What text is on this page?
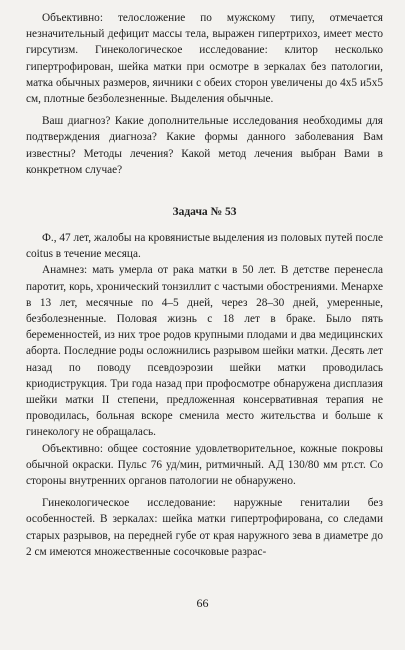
Объективно: телосложение по мужскому типу, отмечается незначительный дефицит массы тела, выражен гипертрихоз, имеет место гирсутизм. Гинекологическое исследование: клитор несколько гипертрофирован, шейка матки при осмотре в зеркалах без патологии, матка обычных размеров, яичники с обеих сторон увеличены до 4х5 и5х5 см, плотные безболезненные. Выделения обычные.

Ваш диагноз? Какие дополнительные исследования необходимы для подтверждения диагноза? Какие формы данного заболевания Вам известны? Методы лечения? Какой метод лечения выбран Вами в конкретном случае?

Задача № 53

Ф., 47 лет, жалобы на кровянистые выделения из половых путей после coitus в течение месяца.

Анамнез: мать умерла от рака матки в 50 лет. В детстве перенесла паротит, корь, хронический тонзиллит с частыми обострениями. Менархе в 13 лет, месячные по 4–5 дней, через 28–30 дней, умеренные, безболезненные. Половая жизнь с 18 лет в браке. Было пять беременностей, из них трое родов крупными плодами и два медицинских аборта. Последние роды осложнились разрывом шейки матки. Десять лет назад по поводу псевдоэрозии шейки матки проводилась криодиструкция. Три года назад при профосмотре обнаружена дисплазия шейки матки II степени, предложенная консервативная терапия не проводилась, больная вскоре сменила место жительства и больше к гинекологу не обращалась.

Объективно: общее состояние удовлетворительное, кожные покровы обычной окраски. Пульс 76 уд/мин, ритмичный. АД 130/80 мм рт.ст. Со стороны внутренних органов патологии не обнаружено.

Гинекологическое исследование: наружные гениталии без особенностей. В зеркалах: шейка матки гипертрофирована, со следами старых разрывов, на передней губе от края наружного зева в диаметре до 2 см имеются множественные сосочковые разрас-

66
